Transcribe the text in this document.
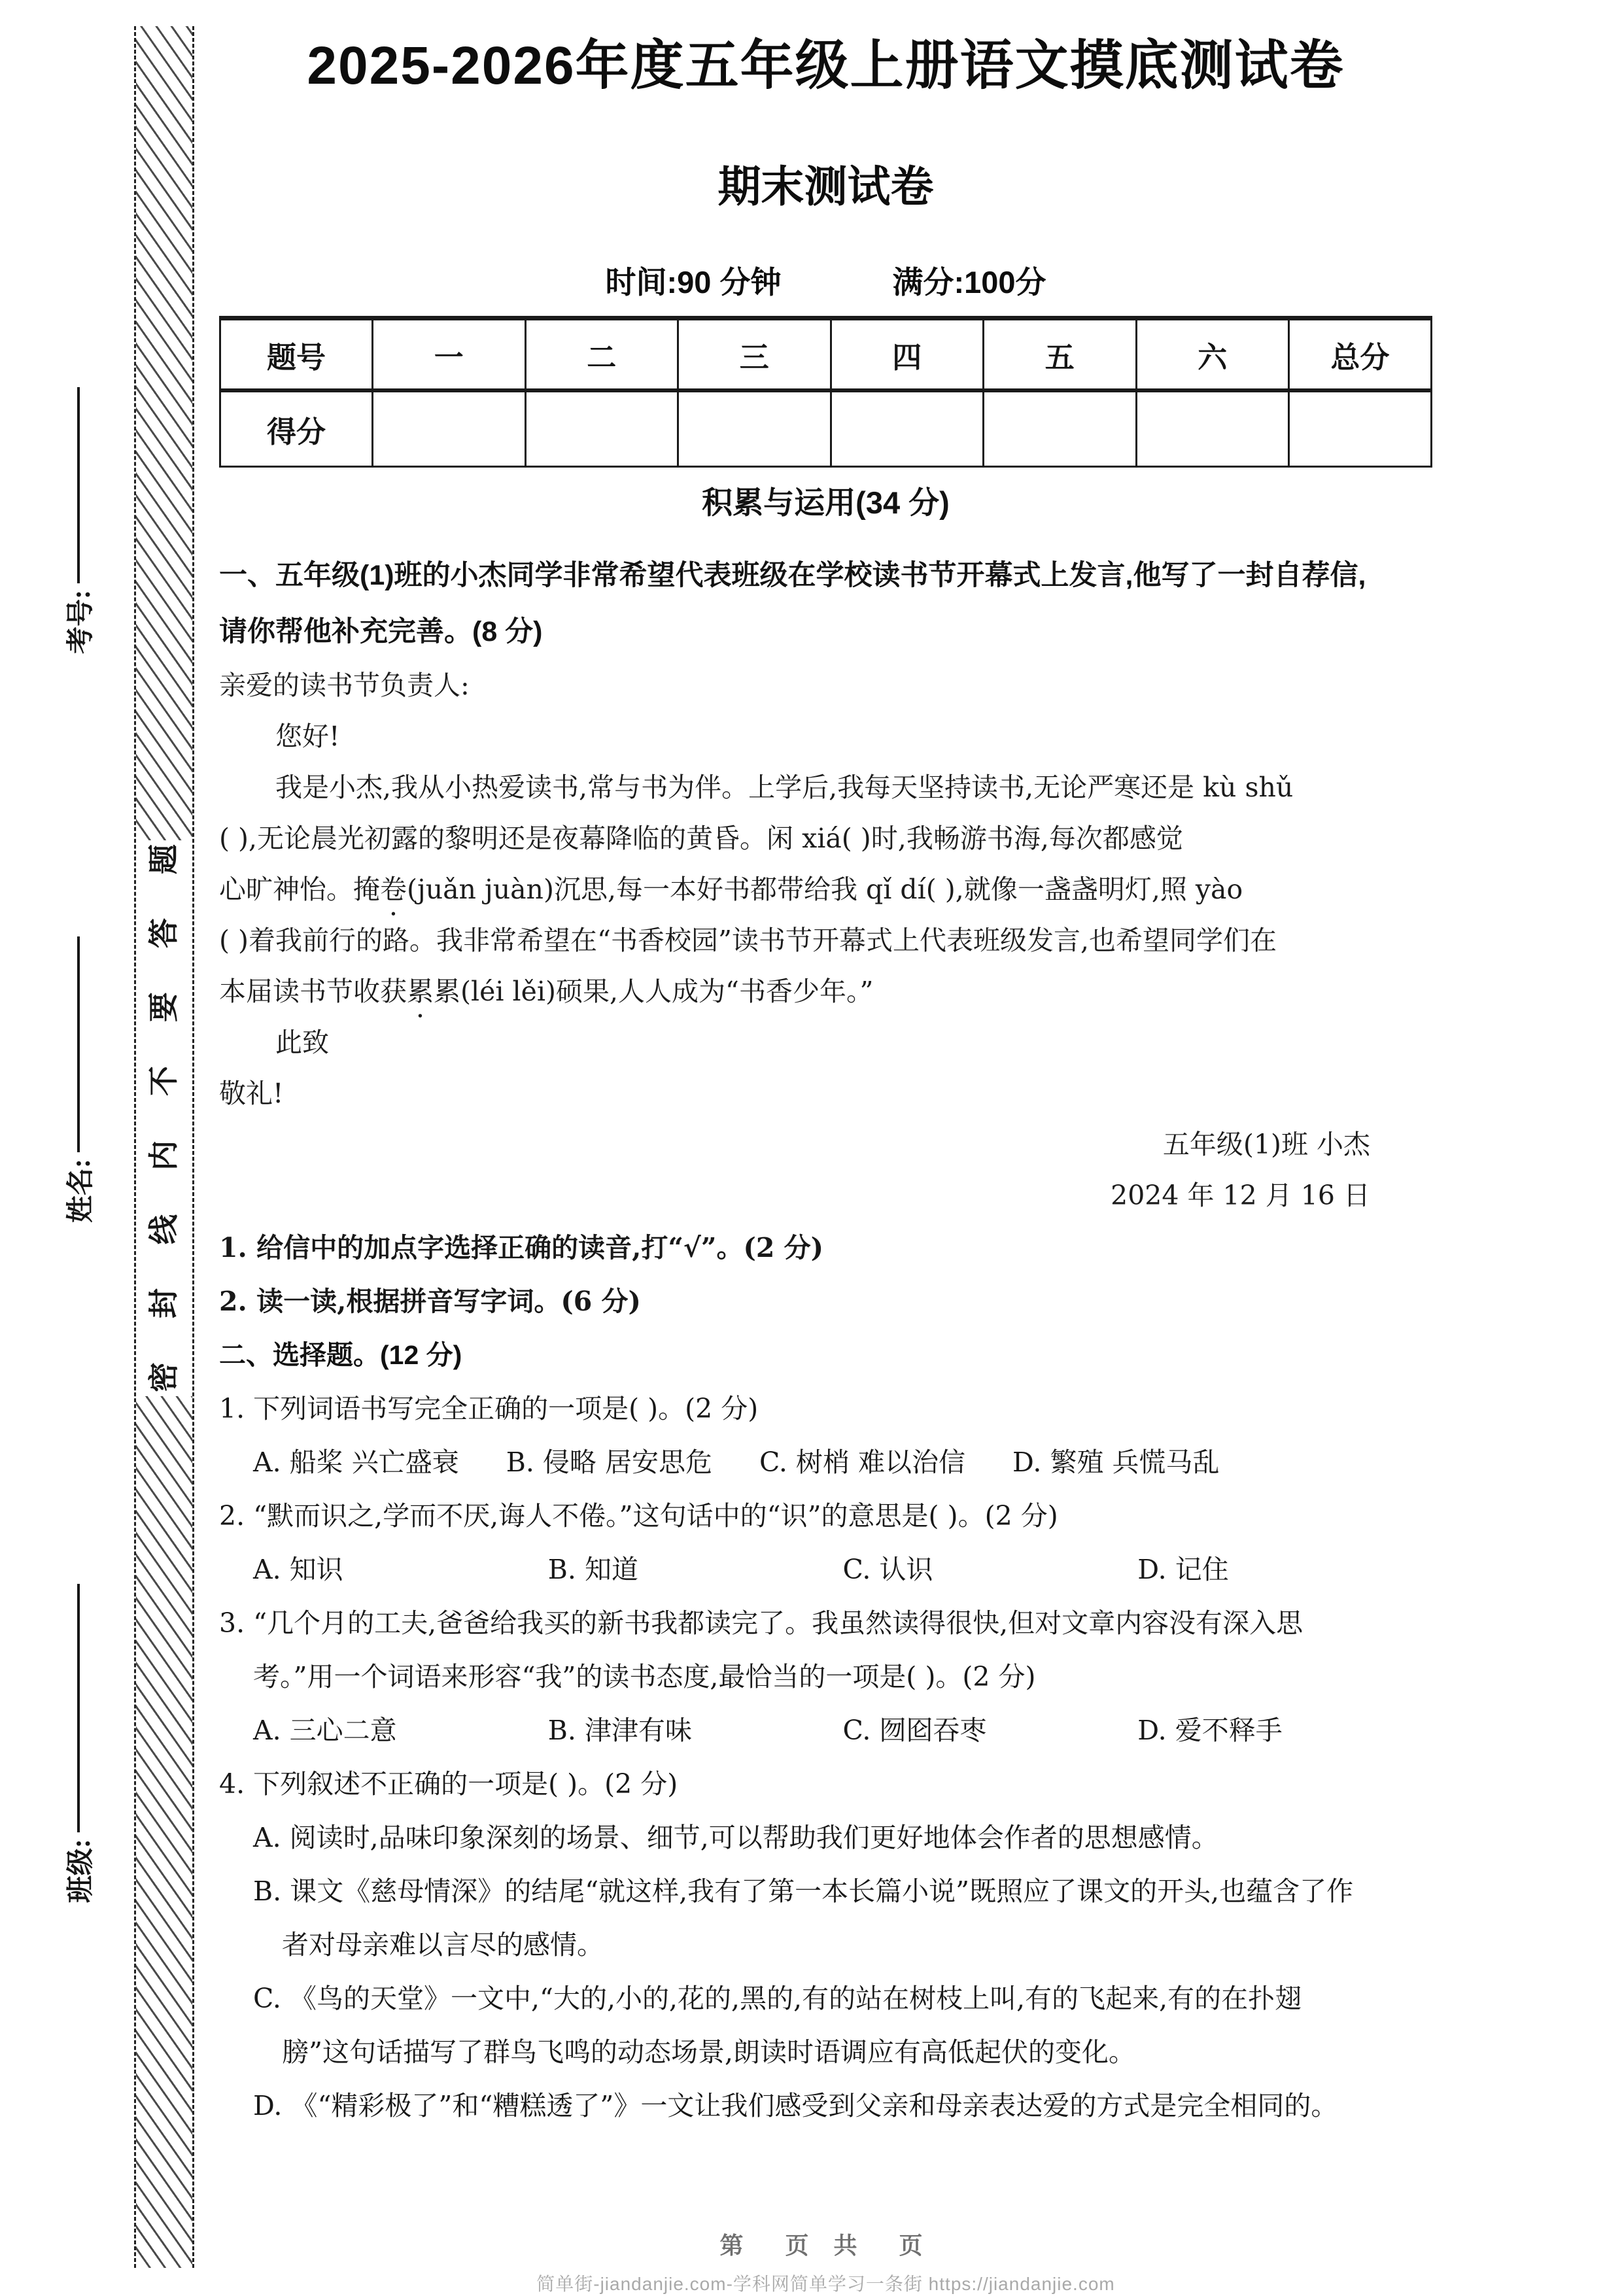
题
答
要
不
内
线
封
密
考号:
姓名:
班级:
2025-2026年度五年级上册语文摸底测试卷
期末测试卷
时间:90 分钟	满分:100分
题号	一	二	三	四	五	六	总分
得分							
积累与运用(34 分)
一、五年级(1)班的小杰同学非常希望代表班级在学校读书节开幕式上发言,他写了一封自荐信,
请你帮他补充完善。(8 分)
亲爱的读书节负责人:
您好!
我是小杰,我从小热爱读书,常与书为伴。上学后,我每天坚持读书,无论严寒还是 kù shǔ
( ),无论晨光初露的黎明还是夜幕降临的黄昏。闲 xiá( )时,我畅游书海,每次都感觉
心旷神怡。掩卷(juǎn juàn)沉思,每一本好书都带给我 qǐ dí( ),就像一盏盏明灯,照 yào
( )着我前行的路。我非常希望在“书香校园”读书节开幕式上代表班级发言,也希望同学们在
本届读书节收获累累(léi lěi)硕果,人人成为“书香少年。”
此致
敬礼!
五年级(1)班 小杰
2024 年 12 月 16 日
1. 给信中的加点字选择正确的读音,打“√”。(2 分)
2. 读一读,根据拼音写字词。(6 分)
二、选择题。(12 分)
1. 下列词语书写完全正确的一项是( )。(2 分)
A. 船桨 兴亡盛衰 B. 侵略 居安思危 C. 树梢 难以治信 D. 繁殖 兵慌马乱
2. “默而识之,学而不厌,诲人不倦。”这句话中的“识”的意思是( )。(2 分)
A. 知识	B. 知道	C. 认识	D. 记住
3. “几个月的工夫,爸爸给我买的新书我都读完了。我虽然读得很快,但对文章内容没有深入思
考。”用一个词语来形容“我”的读书态度,最恰当的一项是( )。(2 分)
A. 三心二意	B. 津津有味	C. 囫囵吞枣	D. 爱不释手
4. 下列叙述不正确的一项是( )。(2 分)
A. 阅读时,品味印象深刻的场景、细节,可以帮助我们更好地体会作者的思想感情。
B. 课文《慈母情深》的结尾“就这样,我有了第一本长篇小说”既照应了课文的开头,也蕴含了作
者对母亲难以言尽的感情。
C. 《鸟的天堂》一文中,“大的,小的,花的,黑的,有的站在树枝上叫,有的飞起来,有的在扑翅
膀”这句话描写了群鸟飞鸣的动态场景,朗读时语调应有高低起伏的变化。
D. 《“精彩极了”和“糟糕透了”》一文让我们感受到父亲和母亲表达爱的方式是完全相同的。
第　页 共　页
简单街-jiandanjie.com-学科网简单学习一条街 https://jiandanjie.com
